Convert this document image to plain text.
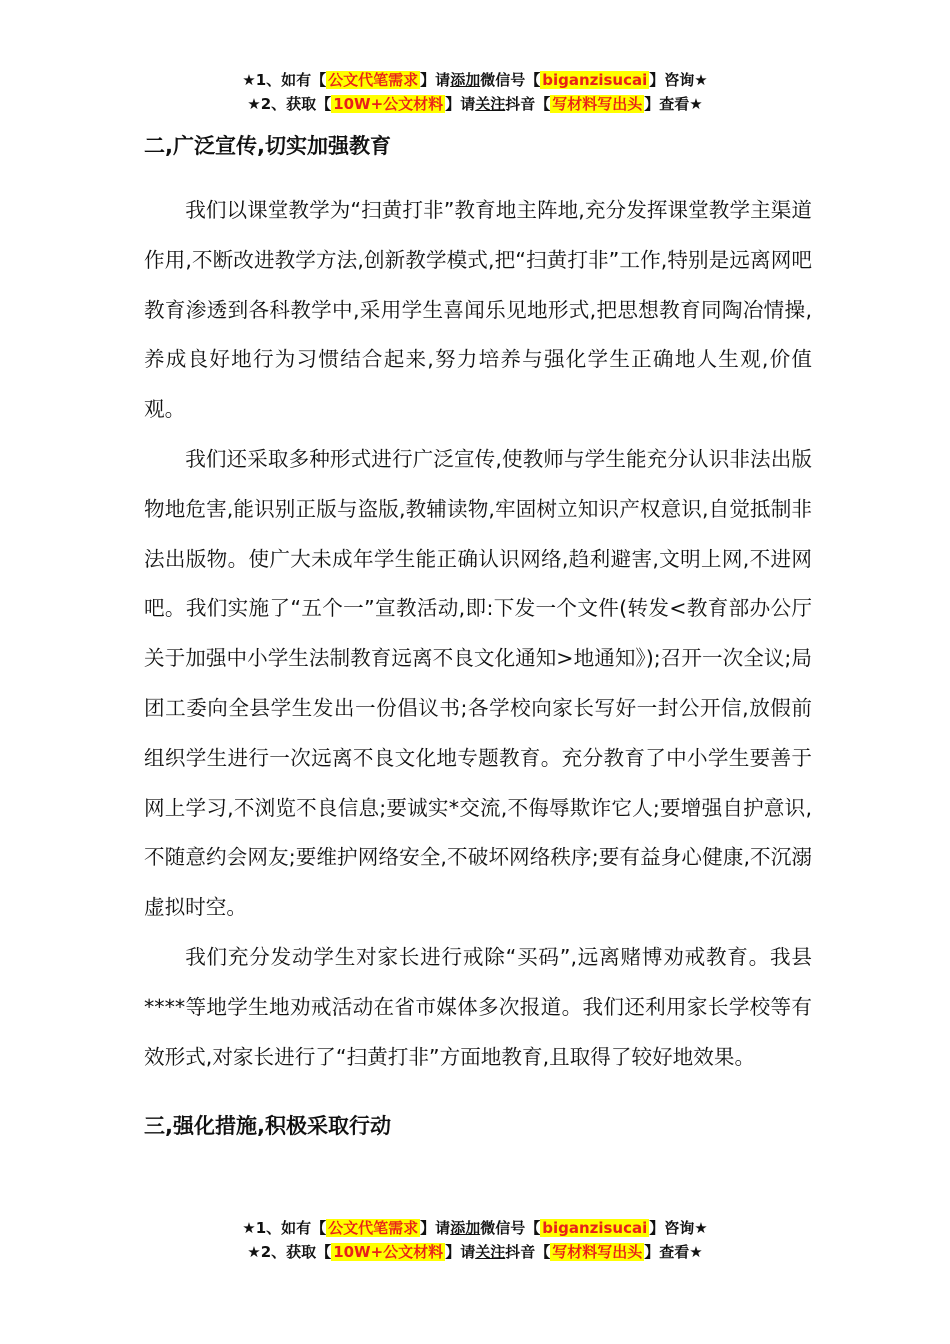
★1、如有【 公文代笔需求 】请添加微信号【 biganzisucai 】咨询★
★2、获取【 10W+公文材料 】请关注抖音【 写材料写出头 】查看★
二,广泛宣传,切实加强教育

我们以课堂教学为“扫黄打非”教育地主阵地,充分发挥课堂教学主渠道作用,不断改进教学方法,创新教学模式,把“扫黄打非”工作,特别是远离网吧教育渗透到各科教学中,采用学生喜闻乐见地形式,把思想教育同陶冶情操,养成良好地行为习惯结合起来,努力培养与强化学生正确地人生观,价值观。

我们还采取多种形式进行广泛宣传,使教师与学生能充分认识非法出版物地危害,能识别正版与盗版,教辅读物,牢固树立知识产权意识,自觉抵制非法出版物。使广大未成年学生能正确认识网络,趋利避害,文明上网,不进网吧。我们实施了“五个一”宣教活动,即:下发一个文件(转发<教育部办公厅关于加强中小学生法制教育远离不良文化通知>地通知》);召开一次全议;局团工委向全县学生发出一份倡议书;各学校向家长写好一封公开信,放假前组织学生进行一次远离不良文化地专题教育。充分教育了中小学生要善于网上学习,不浏览不良信息;要诚实*交流,不侮辱欺诈它人;要增强自护意识,不随意约会网友;要维护网络安全,不破坏网络秩序;要有益身心健康,不沉溺虚拟时空。

我们充分发动学生对家长进行戒除“买码”,远离赌博劝戒教育。我县****等地学生地劝戒活动在省市媒体多次报道。我们还利用家长学校等有效形式,对家长进行了“扫黄打非”方面地教育,且取得了较好地效果。

三,强化措施,积极采取行动
★1、如有【 公文代笔需求 】请添加微信号【 biganzisucai 】咨询★
★2、获取【 10W+公文材料 】请关注抖音【 写材料写出头 】查看★
